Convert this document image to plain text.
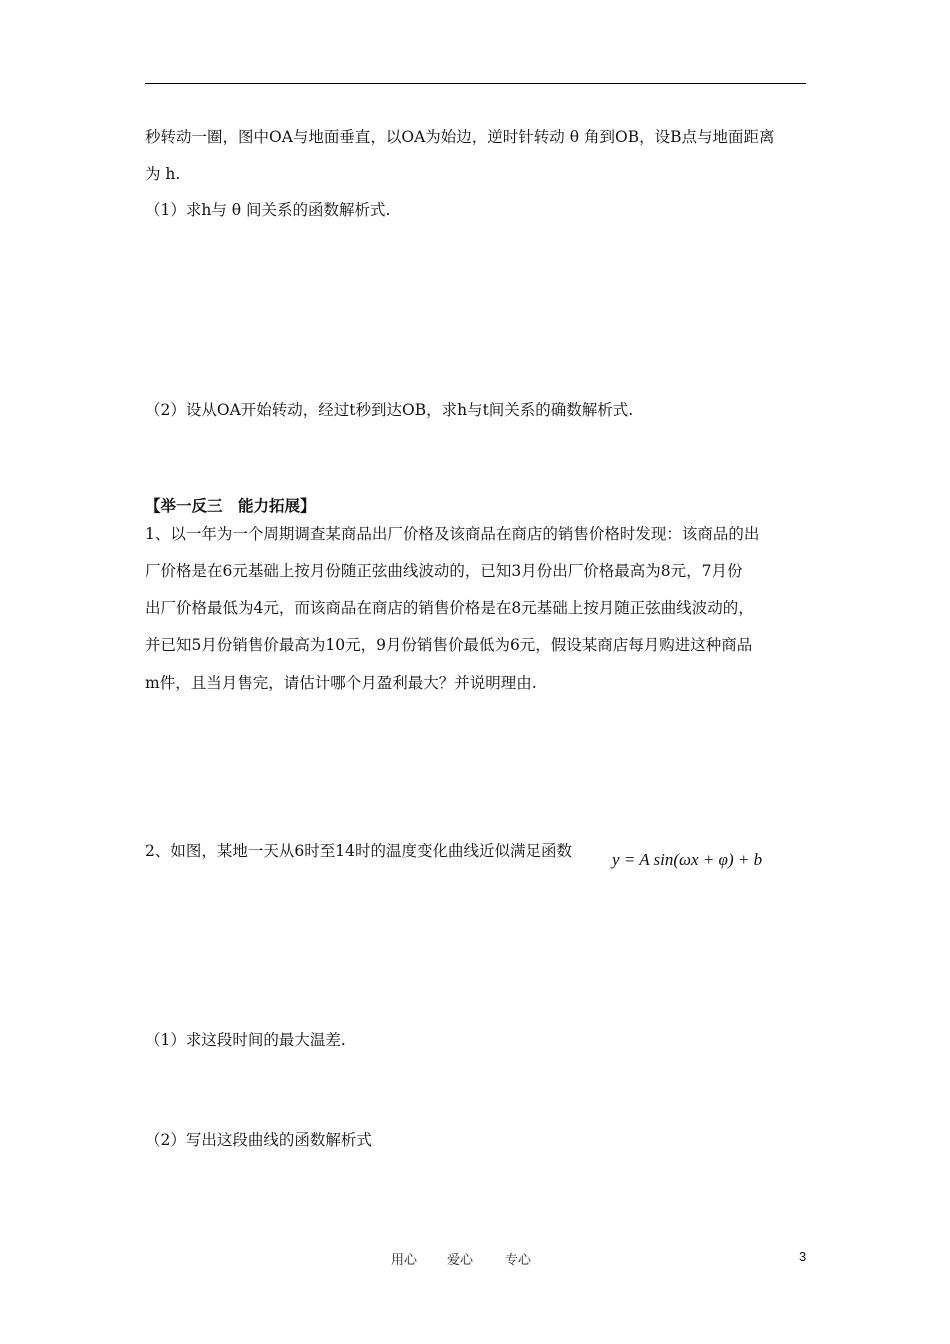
秒转动一圈，图中OA与地面垂直，以OA为始边，逆时针转动 θ 角到OB，设B点与地面距离
为 h.
（1）求h与 θ 间关系的函数解析式.
（2）设从OA开始转动，经过t秒到达OB，求h与t间关系的确数解析式.
【举一反三　能力拓展】
1、以一年为一个周期调查某商品出厂价格及该商品在商店的销售价格时发现：该商品的出
厂价格是在6元基础上按月份随正弦曲线波动的，已知3月份出厂价格最高为8元，7月份
出厂价格最低为4元，而该商品在商店的销售价格是在8元基础上按月随正弦曲线波动的，
并已知5月份销售价最高为10元，9月份销售价最低为6元，假设某商店每月购进这种商品
m件，且当月售完，请估计哪个月盈利最大？并说明理由.
2、如图，某地一天从6时至14时的温度变化曲线近似满足函数 y = A sin(ωx + φ) + b
（1）求这段时间的最大温差.
（2）写出这段曲线的函数解析式
用心 爱心 专心	3
